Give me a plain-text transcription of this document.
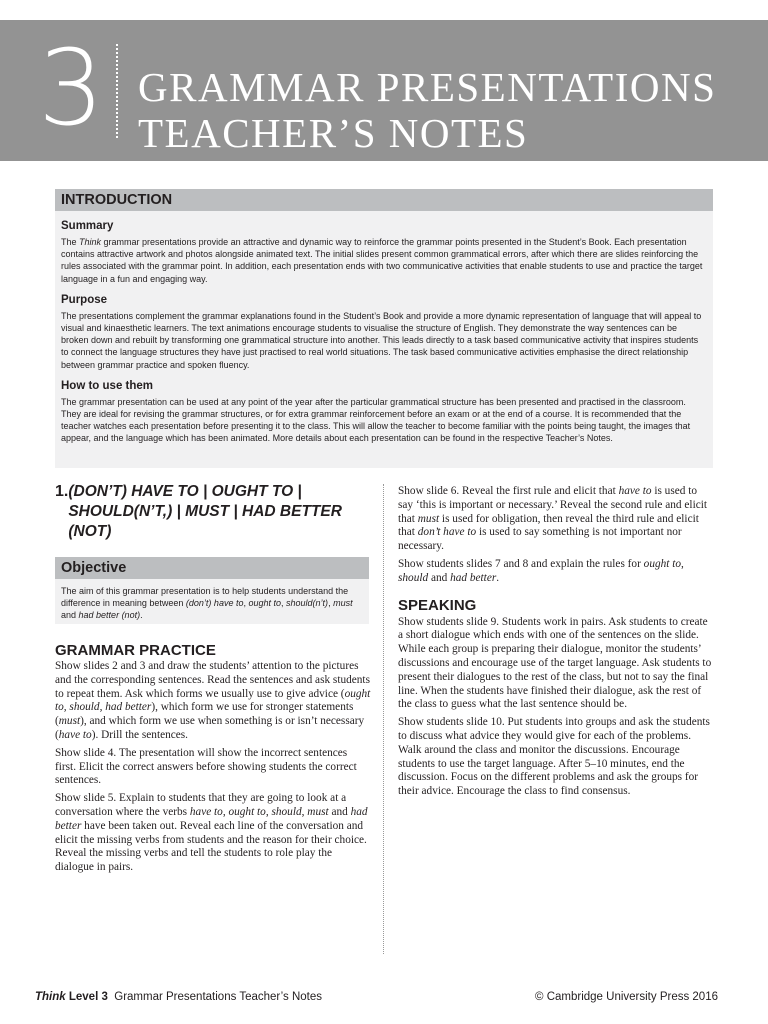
3 GRAMMAR PRESENTATIONS
TEACHER’S NOTES
INTRODUCTION
Summary

The Think grammar presentations provide an attractive and dynamic way to reinforce the grammar points presented in the Student’s Book. Each presentation contains attractive artwork and photos alongside animated text. The initial slides present common grammatical errors, after which there are slides reinforcing the rules associated with the grammar point. In addition, each presentation ends with two communicative activities that enable students to use and practice the target language in a fun and engaging way.

Purpose

The presentations complement the grammar explanations found in the Student’s Book and provide a more dynamic representation of language that will appeal to visual and kinaesthetic learners. The text animations encourage students to visualise the structure of English. They demonstrate the way sentences can be broken down and rebuilt by transforming one grammatical structure into another. This leads directly to a task based communicative activity that inspires students to connect the language structures they have just practised to real world situations. The task based communicative activities emphasise the direct relationship between grammar practice and spoken fluency.

How to use them

The grammar presentation can be used at any point of the year after the particular grammatical structure has been presented and practised in the classroom. They are ideal for revising the grammar structures, or for extra grammar reinforcement before an exam or at the end of a course. It is recommended that the teacher watches each presentation before presenting it to the class. This will allow the teacher to become familiar with the points being taught, the images that appear, and the language which has been animated. More details about each presentation can be found in the respective Teacher’s Notes.

1. (DON’T) HAVE TO | OUGHT TO | SHOULD(N’T,) | MUST | HAD BETTER (NOT)
Objective

The aim of this grammar presentation is to help students understand the difference in meaning between (don’t) have to, ought to, should(n’t), must and had better (not).

GRAMMAR PRACTICE

Show slides 2 and 3 and draw the students’ attention to the pictures and the corresponding sentences. Read the sentences and ask students to repeat them. Ask which forms we usually use to give advice (ought to, should, had better), which form we use for stronger statements (must), and which form we use when something is or isn’t necessary (have to). Drill the sentences.

Show slide 4. The presentation will show the incorrect sentences first. Elicit the correct answers before showing students the correct sentences.

Show slide 5. Explain to students that they are going to look at a conversation where the verbs have to, ought to, should, must and had better have been taken out. Reveal each line of the conversation and elicit the missing verbs from students and the reason for their choice. Reveal the missing verbs and tell the students to role play the dialogue in pairs.

Show slide 6. Reveal the first rule and elicit that have to is used to say ‘this is important or necessary.’ Reveal the second rule and elicit that must is used for obligation, then reveal the third rule and elicit that don’t have to is used to say something is not important nor necessary.

Show students slides 7 and 8 and explain the rules for ought to, should and had better.

SPEAKING

Show students slide 9. Students work in pairs. Ask students to create a short dialogue which ends with one of the sentences on the slide. While each group is preparing their dialogue, monitor the students’ discussions and encourage use of the target language. Ask students to present their dialogues to the rest of the class, but not to say the final line. When the students have finished their dialogue, ask the rest of the class to guess what the last sentence should be.

Show students slide 10. Put students into groups and ask the students to discuss what advice they would give for each of the problems. Walk around the class and monitor the discussions. Encourage students to use the target language. After 5–10 minutes, end the discussion. Focus on the different problems and ask the groups for their advice. Encourage the class to find consensus.

Think Level 3 Grammar Presentations Teacher’s Notes	© Cambridge University Press 2016
